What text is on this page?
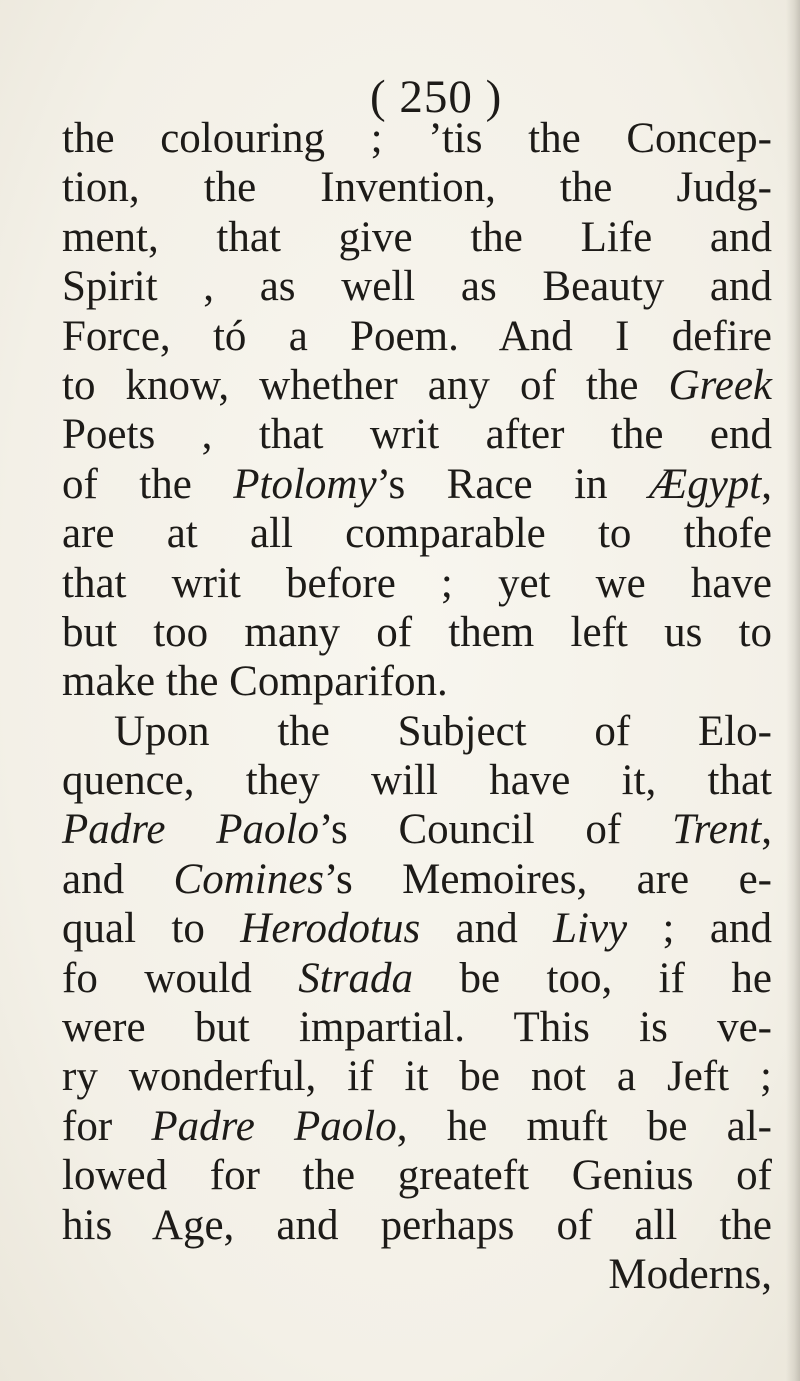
( 250 )
the colouring ; ’tis the Concep-
tion, the Invention, the Judg-
ment, that give the Life and
Spirit , as well as Beauty and
Force, tó a Poem. And I defire
to know, whether any of the Greek
Poets , that writ after the end
of the Ptolomy’s Race in Ægypt,
are at all comparable to thofe
that writ before ; yet we have
but too many of them left us to
make the Comparifon.
Upon the Subject of Elo-
quence, they will have it, that
Padre Paolo’s Council of Trent,
and Comines’s Memoires, are e-
qual to Herodotus and Livy ; and
fo would Strada be too, if he
were but impartial. This is ve-
ry wonderful, if it be not a Jeft ;
for Padre Paolo, he muft be al-
lowed for the greateft Genius of
his Age, and perhaps of all the
Moderns,
